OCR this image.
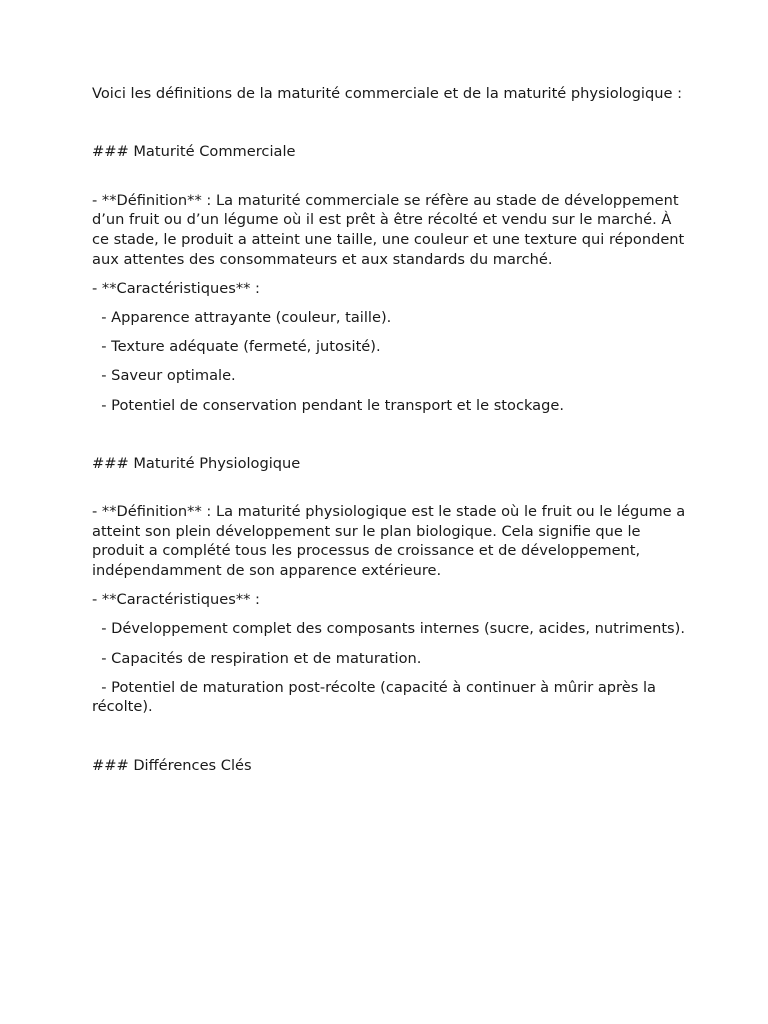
Voici les définitions de la maturité commerciale et de la maturité physiologique :

### Maturité Commerciale

- **Définition** : La maturité commerciale se réfère au stade de développement d’un fruit ou d’un légume où il est prêt à être récolté et vendu sur le marché. À ce stade, le produit a atteint une taille, une couleur et une texture qui répondent aux attentes des consommateurs et aux standards du marché.

- **Caractéristiques** :

- Apparence attrayante (couleur, taille).

- Texture adéquate (fermeté, jutosité).

- Saveur optimale.

- Potentiel de conservation pendant le transport et le stockage.

### Maturité Physiologique

- **Définition** : La maturité physiologique est le stade où le fruit ou le légume a atteint son plein développement sur le plan biologique. Cela signifie que le produit a complété tous les processus de croissance et de développement, indépendamment de son apparence extérieure.

- **Caractéristiques** :

- Développement complet des composants internes (sucre, acides, nutriments).

- Capacités de respiration et de maturation.

- Potentiel de maturation post-récolte (capacité à continuer à mûrir après la récolte).

### Différences Clés
